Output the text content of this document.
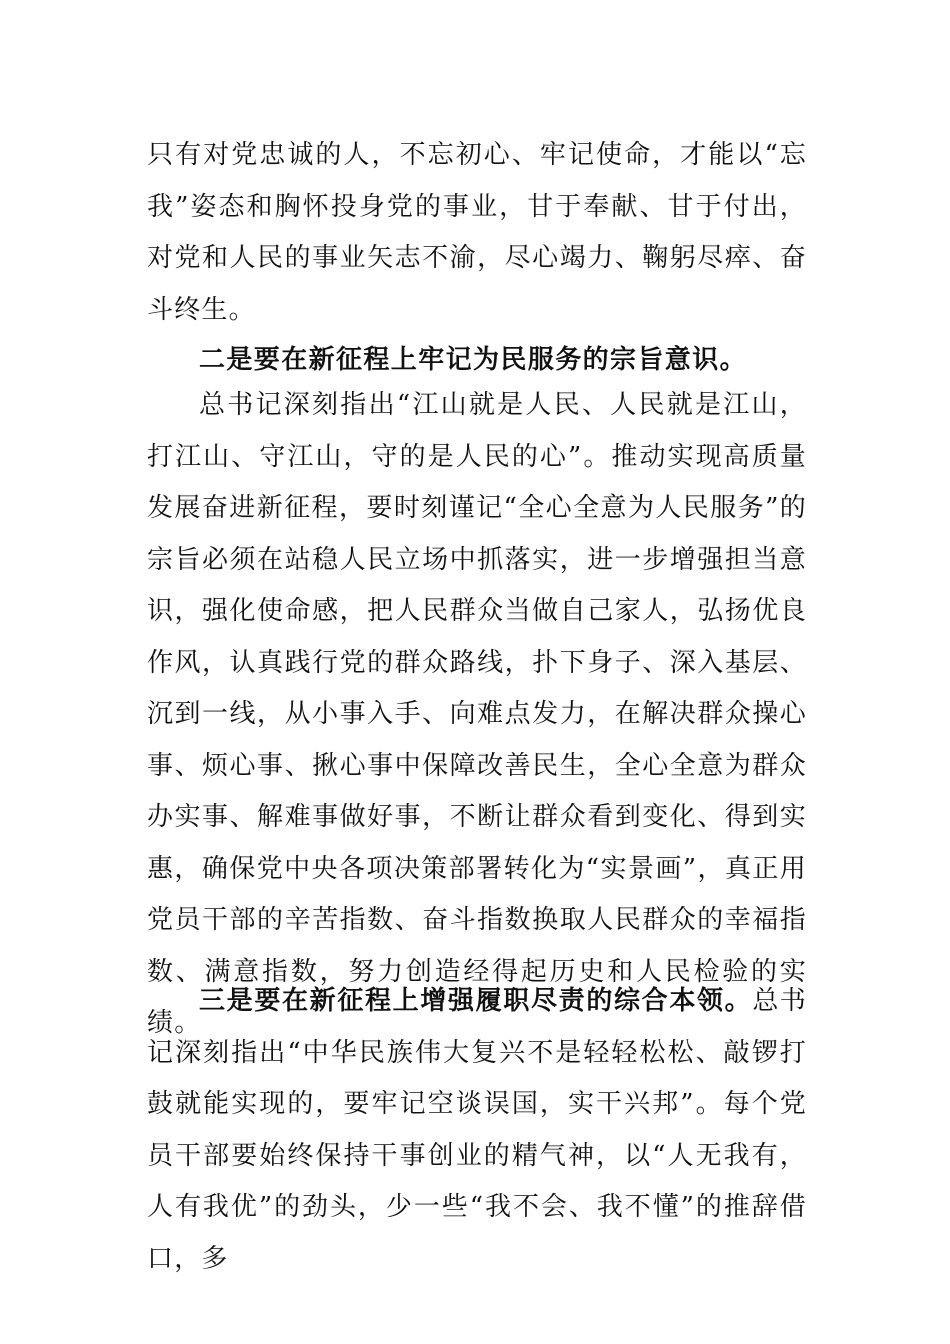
只有对党忠诚的人，不忘初心、牢记使命，才能以“忘我”姿态和胸怀投身党的事业，甘于奉献、甘于付出，对党和人民的事业矢志不渝，尽心竭力、鞠躬尽瘁、奋斗终生。

二是要在新征程上牢记为民服务的宗旨意识。

总书记深刻指出“江山就是人民、人民就是江山，打江山、守江山，守的是人民的心”。推动实现高质量发展奋进新征程，要时刻谨记“全心全意为人民服务”的宗旨必须在站稳人民立场中抓落实，进一步增强担当意识，强化使命感，把人民群众当做自己家人，弘扬优良作风，认真践行党的群众路线，扑下身子、深入基层、沉到一线，从小事入手、向难点发力，在解决群众操心事、烦心事、揪心事中保障改善民生，全心全意为群众办实事、解难事做好事，不断让群众看到变化、得到实惠，确保党中央各项决策部署转化为“实景画”，真正用党员干部的辛苦指数、奋斗指数换取人民群众的幸福指数、满意指数，努力创造经得起历史和人民检验的实绩。

三是要在新征程上增强履职尽责的综合本领。总书记深刻指出“中华民族伟大复兴不是轻轻松松、敲锣打鼓就能实现的，要牢记空谈误国，实干兴邦”。每个党员干部要始终保持干事创业的精气神，以“人无我有，人有我优”的劲头，少一些“我不会、我不懂”的推辞借口，多
